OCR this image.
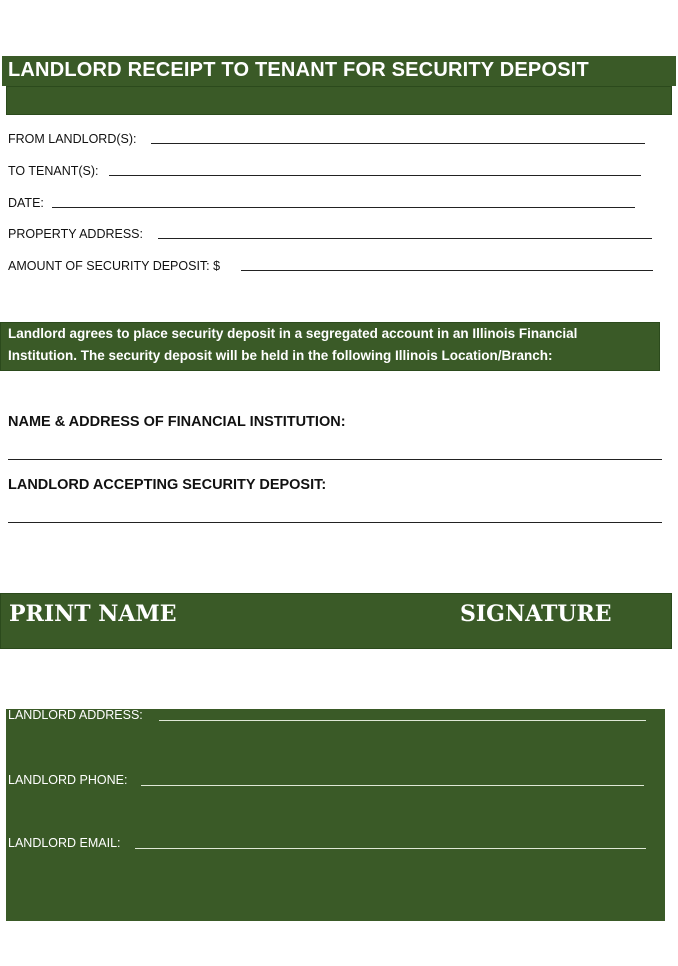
LANDLORD RECEIPT TO TENANT FOR SECURITY DEPOSIT
FROM LANDLORD(S):
TO TENANT(S):
DATE:
PROPERTY ADDRESS:
AMOUNT OF SECURITY DEPOSIT: $
Landlord agrees to place security deposit in a segregated account in an Illinois Financial Institution. The security deposit will be held in the following Illinois Location/Branch:
NAME & ADDRESS OF FINANCIAL INSTITUTION:
LANDLORD ACCEPTING SECURITY DEPOSIT:
PRINT NAME	SIGNATURE
LANDLORD ADDRESS:
LANDLORD PHONE:
LANDLORD EMAIL:
